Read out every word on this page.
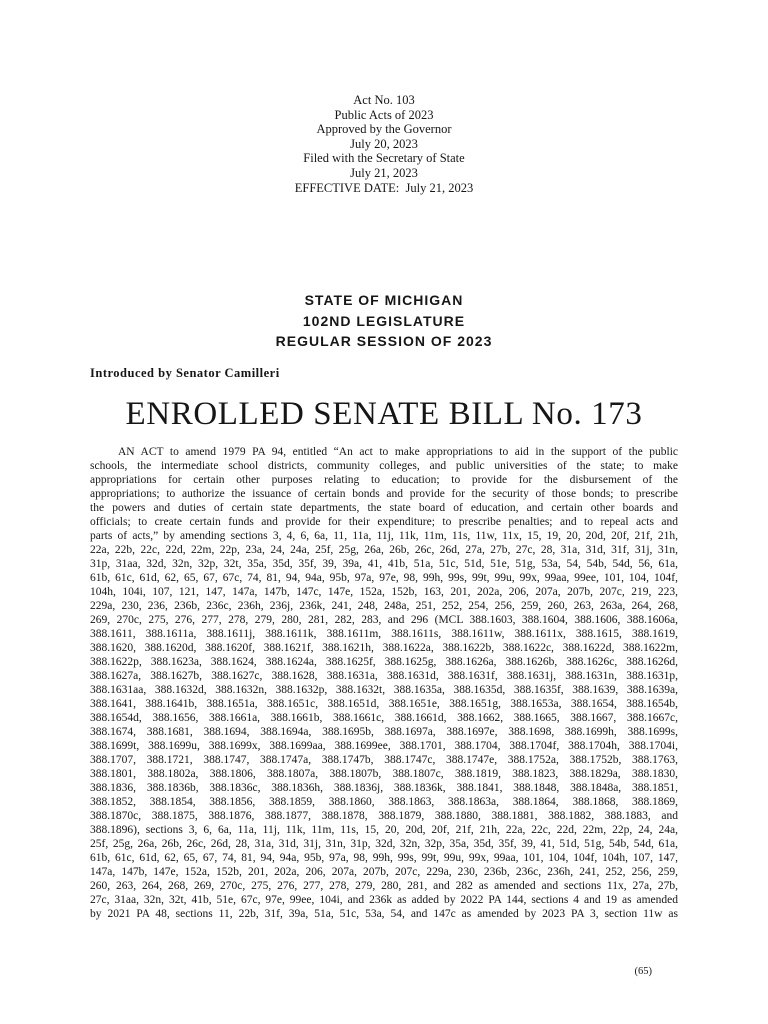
Act No. 103
Public Acts of 2023
Approved by the Governor
July 20, 2023
Filed with the Secretary of State
July 21, 2023
EFFECTIVE DATE:  July 21, 2023
STATE OF MICHIGAN
102ND LEGISLATURE
REGULAR SESSION OF 2023
Introduced by Senator Camilleri
ENROLLED SENATE BILL No. 173
AN ACT to amend 1979 PA 94, entitled “An act to make appropriations to aid in the support of the public
schools, the intermediate school districts, community colleges, and public universities of the state; to make
appropriations for certain other purposes relating to education; to provide for the disbursement of the
appropriations; to authorize the issuance of certain bonds and provide for the security of those bonds; to prescribe
the powers and duties of certain state departments, the state board of education, and certain other boards and
officials; to create certain funds and provide for their expenditure; to prescribe penalties; and to repeal acts and
parts of acts,” by amending sections 3, 4, 6, 6a, 11, 11a, 11j, 11k, 11m, 11s, 11w, 11x, 15, 19, 20, 20d, 20f, 21f, 21h,
22a, 22b, 22c, 22d, 22m, 22p, 23a, 24, 24a, 25f, 25g, 26a, 26b, 26c, 26d, 27a, 27b, 27c, 28, 31a, 31d, 31f, 31j, 31n,
31p, 31aa, 32d, 32n, 32p, 32t, 35a, 35d, 35f, 39, 39a, 41, 41b, 51a, 51c, 51d, 51e, 51g, 53a, 54, 54b, 54d, 56, 61a,
61b, 61c, 61d, 62, 65, 67, 67c, 74, 81, 94, 94a, 95b, 97a, 97e, 98, 99h, 99s, 99t, 99u, 99x, 99aa, 99ee, 101, 104, 104f,
104h, 104i, 107, 121, 147, 147a, 147b, 147c, 147e, 152a, 152b, 163, 201, 202a, 206, 207a, 207b, 207c, 219, 223,
229a, 230, 236, 236b, 236c, 236h, 236j, 236k, 241, 248, 248a, 251, 252, 254, 256, 259, 260, 263, 263a, 264, 268,
269, 270c, 275, 276, 277, 278, 279, 280, 281, 282, 283, and 296 (MCL 388.1603, 388.1604, 388.1606, 388.1606a,
388.1611, 388.1611a, 388.1611j, 388.1611k, 388.1611m, 388.1611s, 388.1611w, 388.1611x, 388.1615, 388.1619,
388.1620, 388.1620d, 388.1620f, 388.1621f, 388.1621h, 388.1622a, 388.1622b, 388.1622c, 388.1622d, 388.1622m,
388.1622p, 388.1623a, 388.1624, 388.1624a, 388.1625f, 388.1625g, 388.1626a, 388.1626b, 388.1626c, 388.1626d,
388.1627a, 388.1627b, 388.1627c, 388.1628, 388.1631a, 388.1631d, 388.1631f, 388.1631j, 388.1631n, 388.1631p,
388.1631aa, 388.1632d, 388.1632n, 388.1632p, 388.1632t, 388.1635a, 388.1635d, 388.1635f, 388.1639, 388.1639a,
388.1641, 388.1641b, 388.1651a, 388.1651c, 388.1651d, 388.1651e, 388.1651g, 388.1653a, 388.1654, 388.1654b,
388.1654d, 388.1656, 388.1661a, 388.1661b, 388.1661c, 388.1661d, 388.1662, 388.1665, 388.1667, 388.1667c,
388.1674, 388.1681, 388.1694, 388.1694a, 388.1695b, 388.1697a, 388.1697e, 388.1698, 388.1699h, 388.1699s,
388.1699t, 388.1699u, 388.1699x, 388.1699aa, 388.1699ee, 388.1701, 388.1704, 388.1704f, 388.1704h, 388.1704i,
388.1707, 388.1721, 388.1747, 388.1747a, 388.1747b, 388.1747c, 388.1747e, 388.1752a, 388.1752b, 388.1763,
388.1801, 388.1802a, 388.1806, 388.1807a, 388.1807b, 388.1807c, 388.1819, 388.1823, 388.1829a, 388.1830,
388.1836, 388.1836b, 388.1836c, 388.1836h, 388.1836j, 388.1836k, 388.1841, 388.1848, 388.1848a, 388.1851,
388.1852, 388.1854, 388.1856, 388.1859, 388.1860, 388.1863, 388.1863a, 388.1864, 388.1868, 388.1869,
388.1870c, 388.1875, 388.1876, 388.1877, 388.1878, 388.1879, 388.1880, 388.1881, 388.1882, 388.1883, and
388.1896), sections 3, 6, 6a, 11a, 11j, 11k, 11m, 11s, 15, 20, 20d, 20f, 21f, 21h, 22a, 22c, 22d, 22m, 22p, 24, 24a,
25f, 25g, 26a, 26b, 26c, 26d, 28, 31a, 31d, 31j, 31n, 31p, 32d, 32n, 32p, 35a, 35d, 35f, 39, 41, 51d, 51g, 54b, 54d, 61a,
61b, 61c, 61d, 62, 65, 67, 74, 81, 94, 94a, 95b, 97a, 98, 99h, 99s, 99t, 99u, 99x, 99aa, 101, 104, 104f, 104h, 107, 147,
147a, 147b, 147e, 152a, 152b, 201, 202a, 206, 207a, 207b, 207c, 229a, 230, 236b, 236c, 236h, 241, 252, 256, 259,
260, 263, 264, 268, 269, 270c, 275, 276, 277, 278, 279, 280, 281, and 282 as amended and sections 11x, 27a, 27b,
27c, 31aa, 32n, 32t, 41b, 51e, 67c, 97e, 99ee, 104i, and 236k as added by 2022 PA 144, sections 4 and 19 as amended
by 2021 PA 48, sections 11, 22b, 31f, 39a, 51a, 51c, 53a, 54, and 147c as amended by 2023 PA 3, section 11w as
(65)
